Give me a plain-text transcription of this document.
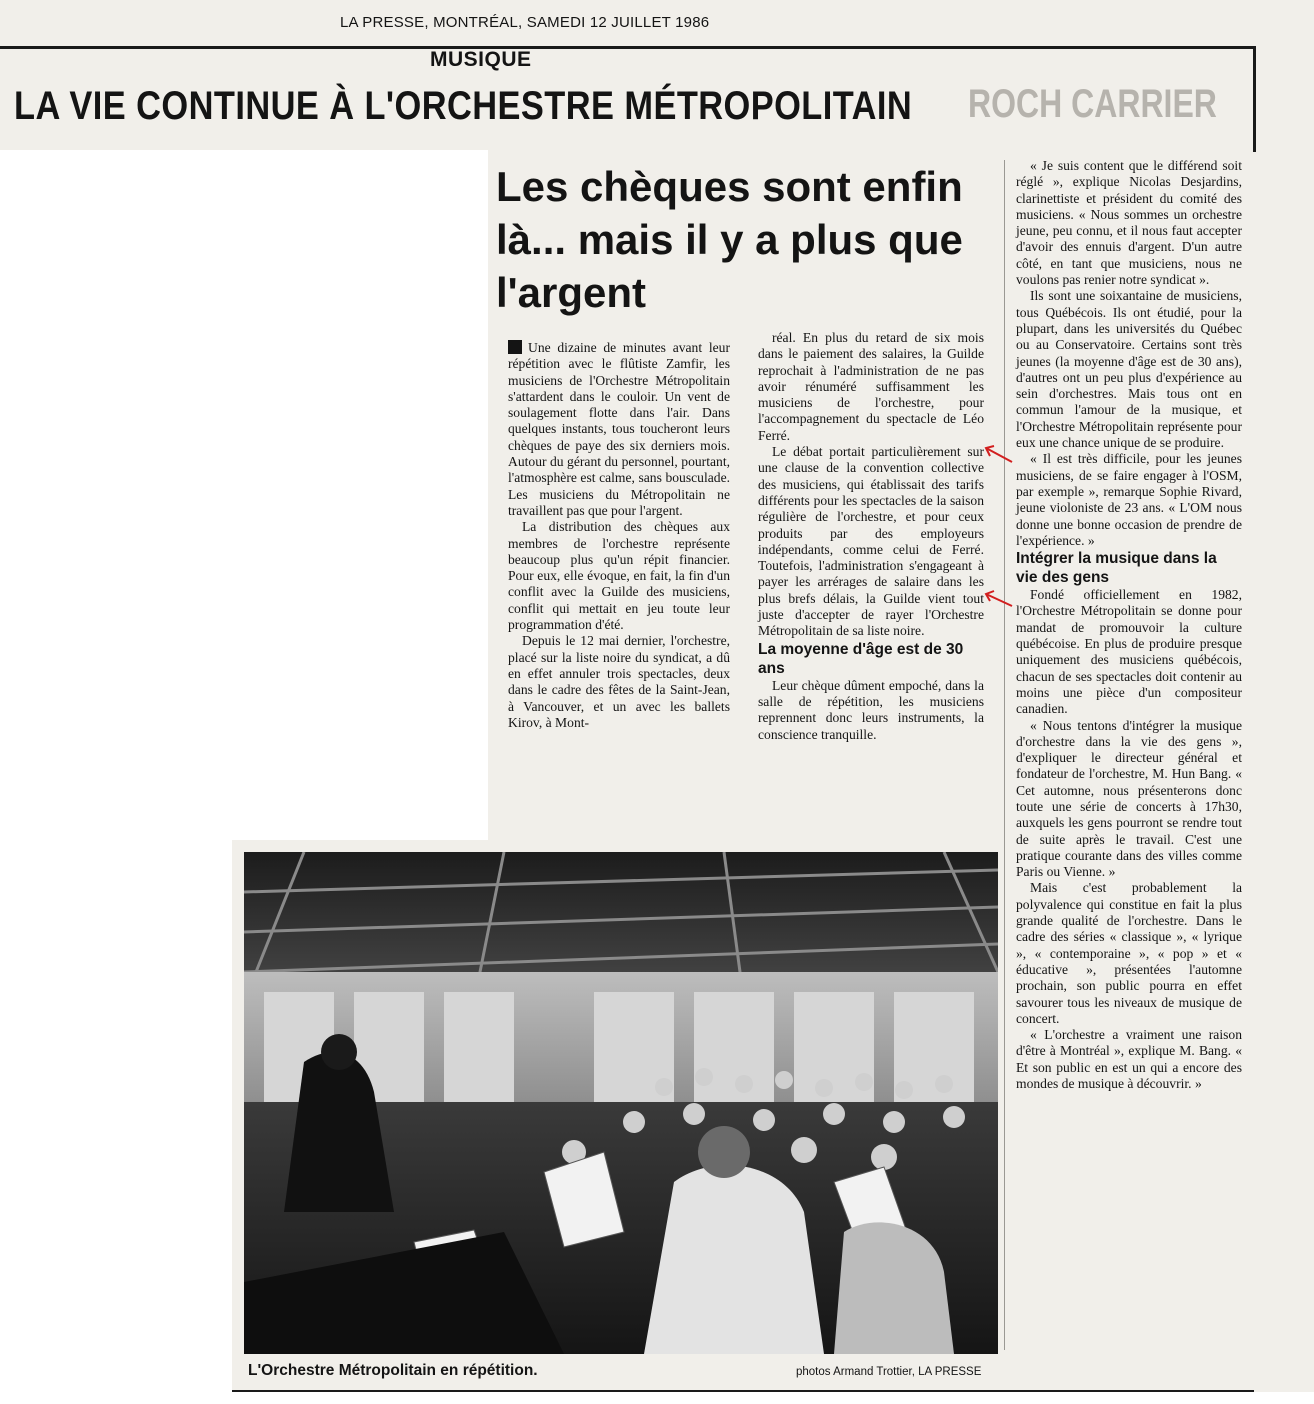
LA PRESSE, MONTRÉAL, SAMEDI 12 JUILLET 1986
MUSIQUE
LA VIE CONTINUE À L'ORCHESTRE MÉTROPOLITAIN ROCH CARRIER
Les chèques sont enfin là... mais il y a plus que l'argent

Une dizaine de minutes avant leur répétition avec le flûtiste Zamfir, les musiciens de l'Orchestre Métropolitain s'attardent dans le couloir. Un vent de soulagement flotte dans l'air. Dans quelques instants, tous toucheront leurs chèques de paye des six derniers mois. Autour du gérant du personnel, pourtant, l'atmosphère est calme, sans bousculade. Les musiciens du Métropolitain ne travaillent pas que pour l'argent.

La distribution des chèques aux membres de l'orchestre représente beaucoup plus qu'un répit financier. Pour eux, elle évoque, en fait, la fin d'un conflit avec la Guilde des musiciens, conflit qui mettait en jeu toute leur programmation d'été.

Depuis le 12 mai dernier, l'orchestre, placé sur la liste noire du syndicat, a dû en effet annuler trois spectacles, deux dans le cadre des fêtes de la Saint-Jean, à Vancouver, et un avec les ballets Kirov, à Mont-

réal. En plus du retard de six mois dans le paiement des salaires, la Guilde reprochait à l'administration de ne pas avoir rénuméré suffisamment les musiciens de l'orchestre, pour l'accompagnement du spectacle de Léo Ferré.

Le débat portait particulièrement sur une clause de la convention collective des musiciens, qui établissait des tarifs différents pour les spectacles de la saison régulière de l'orchestre, et pour ceux produits par des employeurs indépendants, comme celui de Ferré. Toutefois, l'administration s'engageant à payer les arrérages de salaire dans les plus brefs délais, la Guilde vient tout juste d'accepter de rayer l'Orchestre Métropolitain de sa liste noire.

La moyenne d'âge est de 30 ans

Leur chèque dûment empoché, dans la salle de répétition, les musiciens reprennent donc leurs instruments, la conscience tranquille.

« Je suis content que le différend soit réglé », explique Nicolas Desjardins, clarinettiste et président du comité des musiciens. « Nous sommes un orchestre jeune, peu connu, et il nous faut accepter d'avoir des ennuis d'argent. D'un autre côté, en tant que musiciens, nous ne voulons pas renier notre syndicat ».

Ils sont une soixantaine de musiciens, tous Québécois. Ils ont étudié, pour la plupart, dans les universités du Québec ou au Conservatoire. Certains sont très jeunes (la moyenne d'âge est de 30 ans), d'autres ont un peu plus d'expérience au sein d'orchestres. Mais tous ont en commun l'amour de la musique, et l'Orchestre Métropolitain représente pour eux une chance unique de se produire.

« Il est très difficile, pour les jeunes musiciens, de se faire engager à l'OSM, par exemple », remarque Sophie Rivard, jeune violoniste de 23 ans. « L'OM nous donne une bonne occasion de prendre de l'expérience. »

Intégrer la musique dans la vie des gens

Fondé officiellement en 1982, l'Orchestre Métropolitain se donne pour mandat de promouvoir la culture québécoise. En plus de produire presque uniquement des musiciens québécois, chacun de ses spectacles doit contenir au moins une pièce d'un compositeur canadien.

« Nous tentons d'intégrer la musique d'orchestre dans la vie des gens », d'expliquer le directeur général et fondateur de l'orchestre, M. Hun Bang. « Cet automne, nous présenterons donc toute une série de concerts à 17h30, auxquels les gens pourront se rendre tout de suite après le travail. C'est une pratique courante dans des villes comme Paris ou Vienne. »

Mais c'est probablement la polyvalence qui constitue en fait la plus grande qualité de l'orchestre. Dans le cadre des séries « classique », « lyrique », « contemporaine », « pop » et « éducative », présentées l'automne prochain, son public pourra en effet savourer tous les niveaux de musique de concert.

« L'orchestre a vraiment une raison d'être à Montréal », explique M. Bang. « Et son public en est un qui a encore des mondes de musique à découvrir. »

L'Orchestre Métropolitain en répétition.	photos Armand Trottier, LA PRESSE
